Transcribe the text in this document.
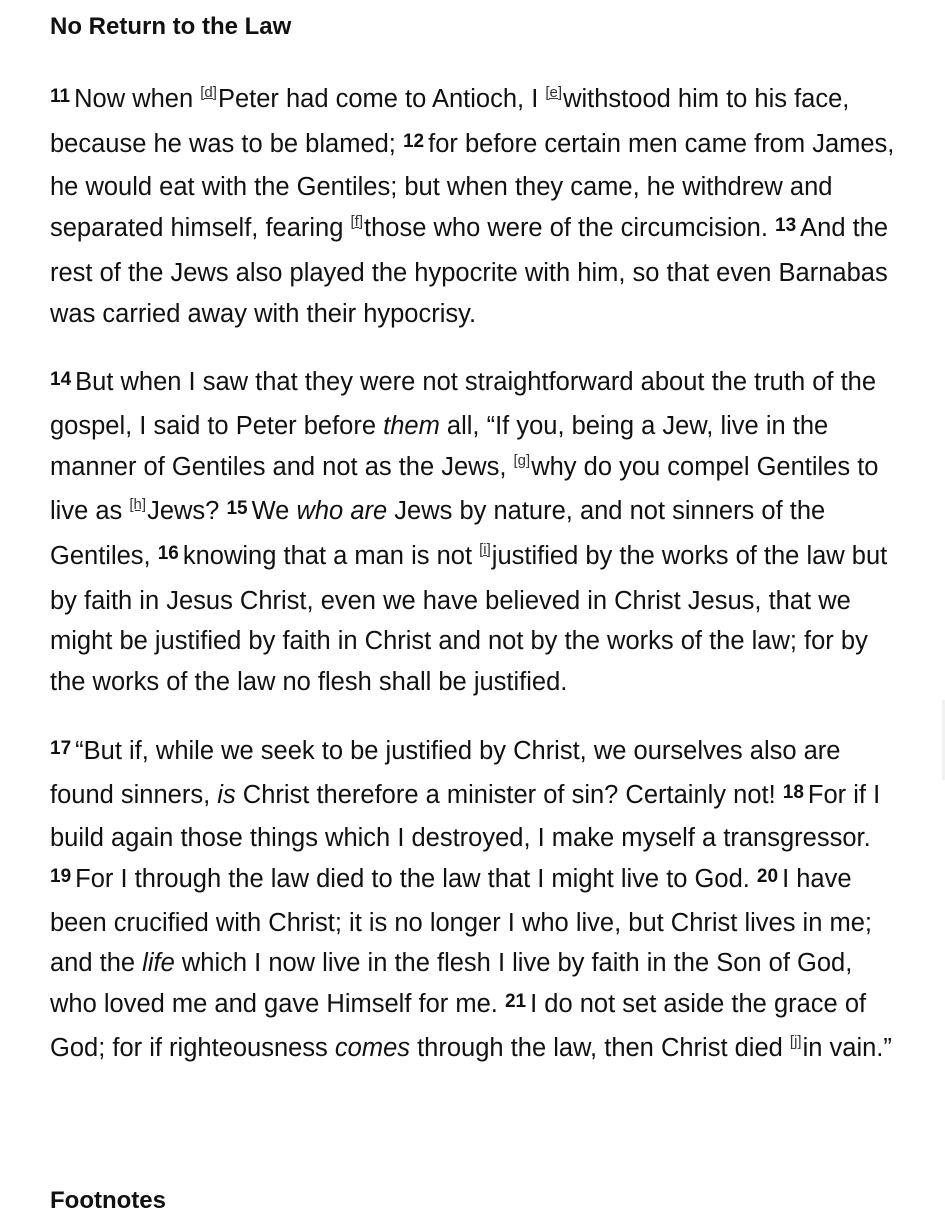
No Return to the Law

11 Now when [d]Peter had come to Antioch, I [e]withstood him to his face, because he was to be blamed; 12 for before certain men came from James, he would eat with the Gentiles; but when they came, he withdrew and separated himself, fearing [f]those who were of the circumcision. 13 And the rest of the Jews also played the hypocrite with him, so that even Barnabas was carried away with their hypocrisy.

14 But when I saw that they were not straightforward about the truth of the gospel, I said to Peter before them all, “If you, being a Jew, live in the manner of Gentiles and not as the Jews, [g]why do you compel Gentiles to live as [h]Jews? 15 We who are Jews by nature, and not sinners of the Gentiles, 16 knowing that a man is not [i]justified by the works of the law but by faith in Jesus Christ, even we have believed in Christ Jesus, that we might be justified by faith in Christ and not by the works of the law; for by the works of the law no flesh shall be justified.

17 “But if, while we seek to be justified by Christ, we ourselves also are found sinners, is Christ therefore a minister of sin? Certainly not! 18 For if I build again those things which I destroyed, I make myself a transgressor. 19 For I through the law died to the law that I might live to God. 20 I have been crucified with Christ; it is no longer I who live, but Christ lives in me; and the life which I now live in the flesh I live by faith in the Son of God, who loved me and gave Himself for me. 21 I do not set aside the grace of God; for if righteousness comes through the law, then Christ died [j]in vain.”

Footnotes
